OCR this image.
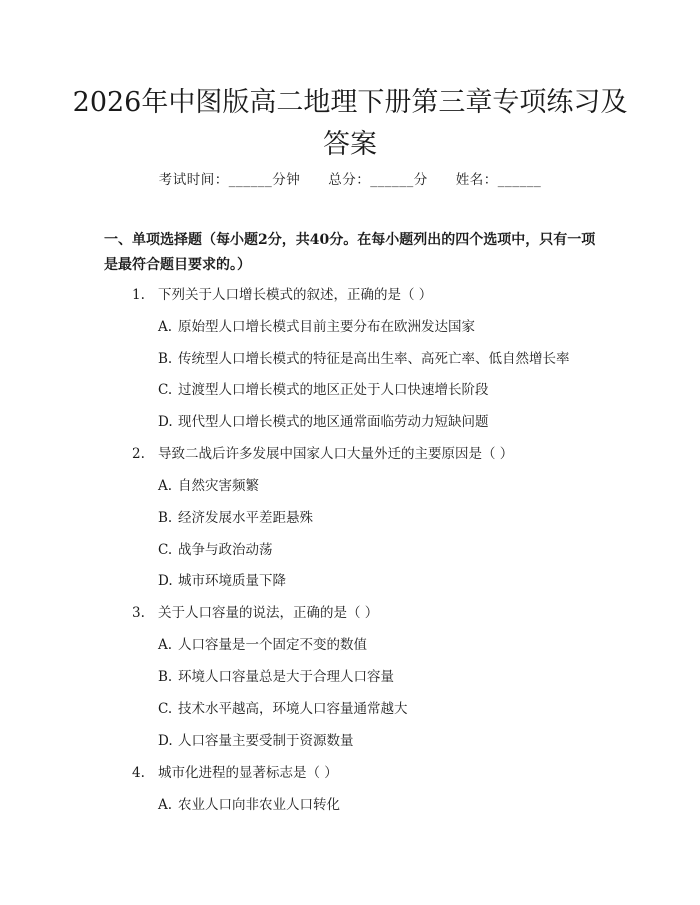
2026年中图版高二地理下册第三章专项练习及答案
考试时间：______分钟 总分：______分 姓名：______

一、单项选择题（每小题2分，共40分。在每小题列出的四个选项中，只有一项是最符合题目要求的。）

1. 下列关于人口增长模式的叙述，正确的是（ ）
A. 原始型人口增长模式目前主要分布在欧洲发达国家
B. 传统型人口增长模式的特征是高出生率、高死亡率、低自然增长率
C. 过渡型人口增长模式的地区正处于人口快速增长阶段
D. 现代型人口增长模式的地区通常面临劳动力短缺问题
2. 导致二战后许多发展中国家人口大量外迁的主要原因是（ ）
A. 自然灾害频繁
B. 经济发展水平差距悬殊
C. 战争与政治动荡
D. 城市环境质量下降
3. 关于人口容量的说法，正确的是（ ）
A. 人口容量是一个固定不变的数值
B. 环境人口容量总是大于合理人口容量
C. 技术水平越高，环境人口容量通常越大
D. 人口容量主要受制于资源数量
4. 城市化进程的显著标志是（ ）
A. 农业人口向非农业人口转化
